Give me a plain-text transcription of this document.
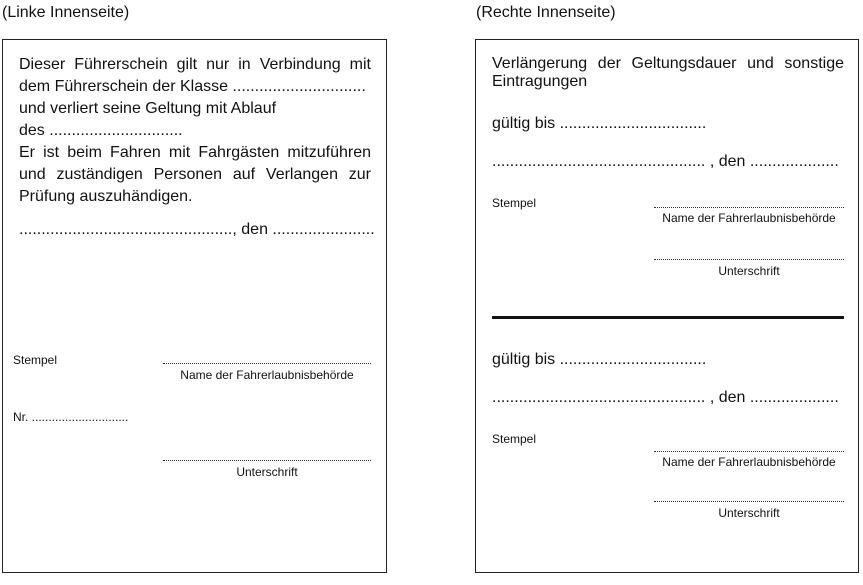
(Linke Innenseite)	(Rechte Innenseite)
Dieser Führerschein gilt nur in Verbindung mit
dem Führerschein der Klasse ..............................
und verliert seine Geltung mit Ablauf
des ..............................
Er ist beim Fahren mit Fahrgästen mitzuführen
und zuständigen Personen auf Verlangen zur
Prüfung auszuhändigen.
................................................, den .......................
Stempel
Name der Fahrerlaubnisbehörde
Nr. .............................
Unterschrift
Verlängerung der Geltungsdauer und sonstige
Eintragungen
gültig bis .................................
................................................ , den ....................
Stempel
Name der Fahrerlaubnisbehörde
Unterschrift
gültig bis .................................
................................................ , den ....................
Stempel
Name der Fahrerlaubnisbehörde
Unterschrift
